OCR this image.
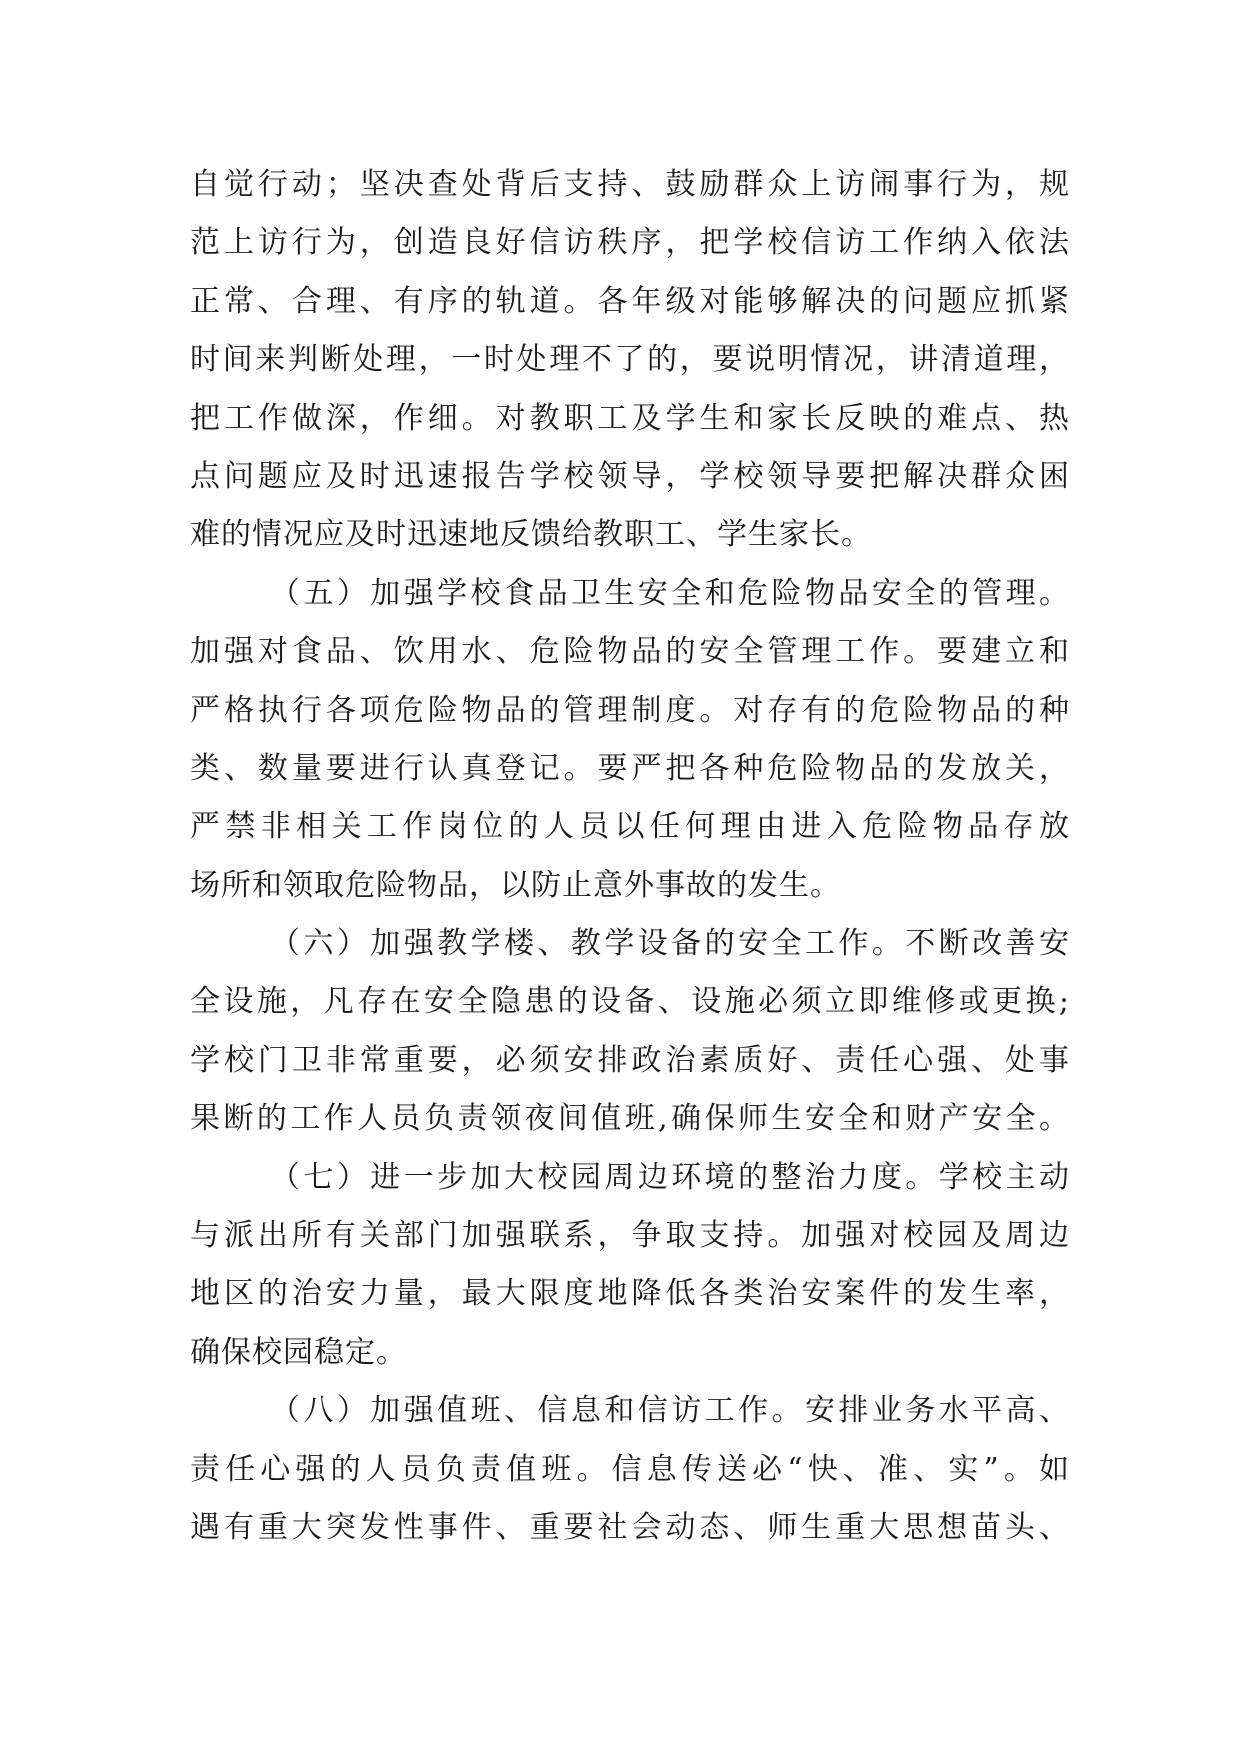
自觉行动；坚决查处背后支持、鼓励群众上访闹事行为，规
范上访行为，创造良好信访秩序，把学校信访工作纳入依法
正常、合理、有序的轨道。各年级对能够解决的问题应抓紧
时间来判断处理，一时处理不了的，要说明情况，讲清道理，
把工作做深，作细。对教职工及学生和家长反映的难点、热
点问题应及时迅速报告学校领导，学校领导要把解决群众困
难的情况应及时迅速地反馈给教职工、学生家长。
（五）加强学校食品卫生安全和危险物品安全的管理。
加强对食品、饮用水、危险物品的安全管理工作。要建立和
严格执行各项危险物品的管理制度。对存有的危险物品的种
类、数量要进行认真登记。要严把各种危险物品的发放关，
严禁非相关工作岗位的人员以任何理由进入危险物品存放
场所和领取危险物品，以防止意外事故的发生。
（六）加强教学楼、教学设备的安全工作。不断改善安
全设施，凡存在安全隐患的设备、设施必须立即维修或更换;
学校门卫非常重要，必须安排政治素质好、责任心强、处事
果断的工作人员负责领夜间值班,确保师生安全和财产安全。
（七）进一步加大校园周边环境的整治力度。学校主动
与派出所有关部门加强联系，争取支持。加强对校园及周边
地区的治安力量，最大限度地降低各类治安案件的发生率，
确保校园稳定。
（八）加强值班、信息和信访工作。安排业务水平高、
责任心强的人员负责值班。信息传送必“快、准、实”。如
遇有重大突发性事件、重要社会动态、师生重大思想苗头、
